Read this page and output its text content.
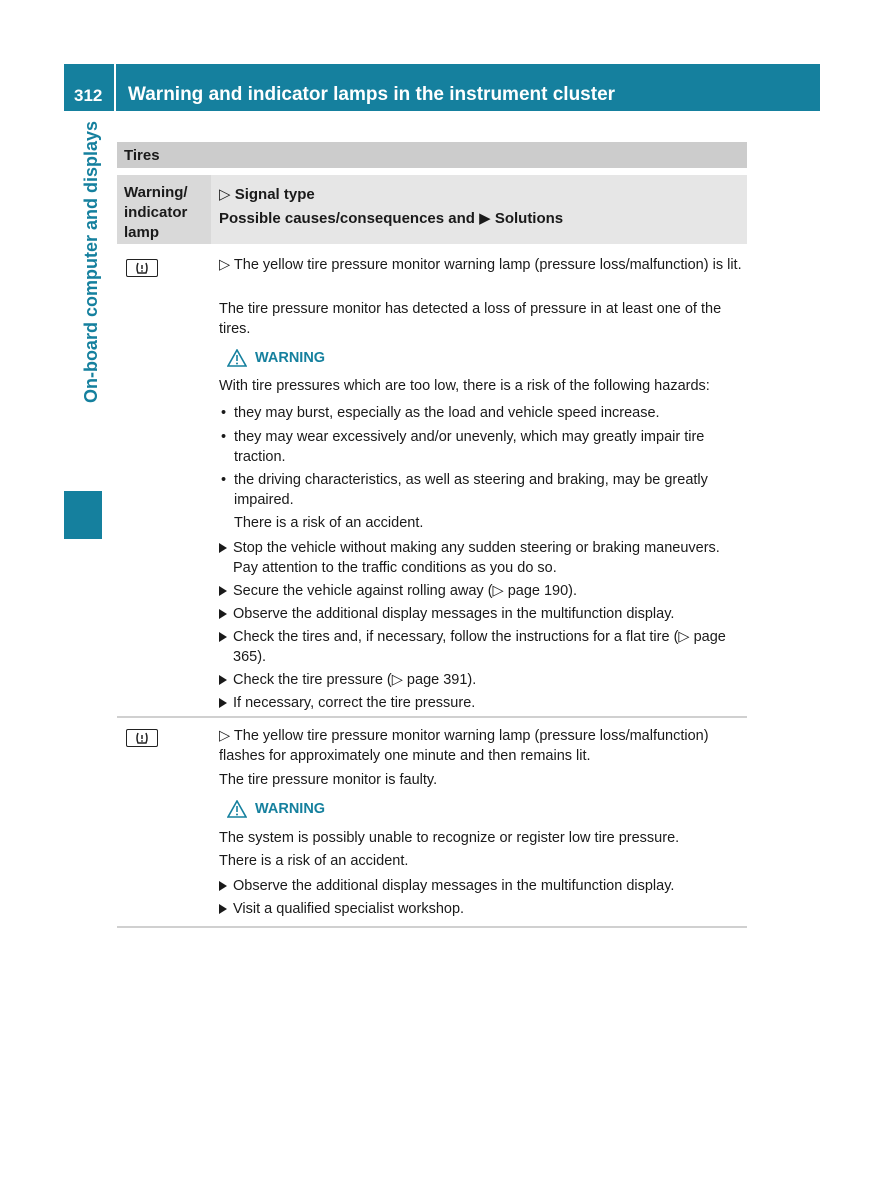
312 Warning and indicator lamps in the instrument cluster
On-board computer and displays Tires
Warning/
indicator
lamp
▷ Signal type
Possible causes/consequences and ▶ Solutions
▷ The yellow tire pressure monitor warning lamp (pressure loss/malfunction) is lit.
The tire pressure monitor has detected a loss of pressure in at least one of the tires.
WARNING
With tire pressures which are too low, there is a risk of the following hazards:
• they may burst, especially as the load and vehicle speed increase.
• they may wear excessively and/or unevenly, which may greatly impair tire traction.
• the driving characteristics, as well as steering and braking, may be greatly impaired.
There is a risk of an accident.
Stop the vehicle without making any sudden steering or braking maneuvers. Pay attention to the traffic conditions as you do so.
Secure the vehicle against rolling away (▷ page 190).
Observe the additional display messages in the multifunction display.
Check the tires and, if necessary, follow the instructions for a flat tire (▷ page 365).
Check the tire pressure (▷ page 391).
If necessary, correct the tire pressure.
▷ The yellow tire pressure monitor warning lamp (pressure loss/malfunction) flashes for approximately one minute and then remains lit.
The tire pressure monitor is faulty.
WARNING
The system is possibly unable to recognize or register low tire pressure.
There is a risk of an accident.
Observe the additional display messages in the multifunction display.
Visit a qualified specialist workshop.
